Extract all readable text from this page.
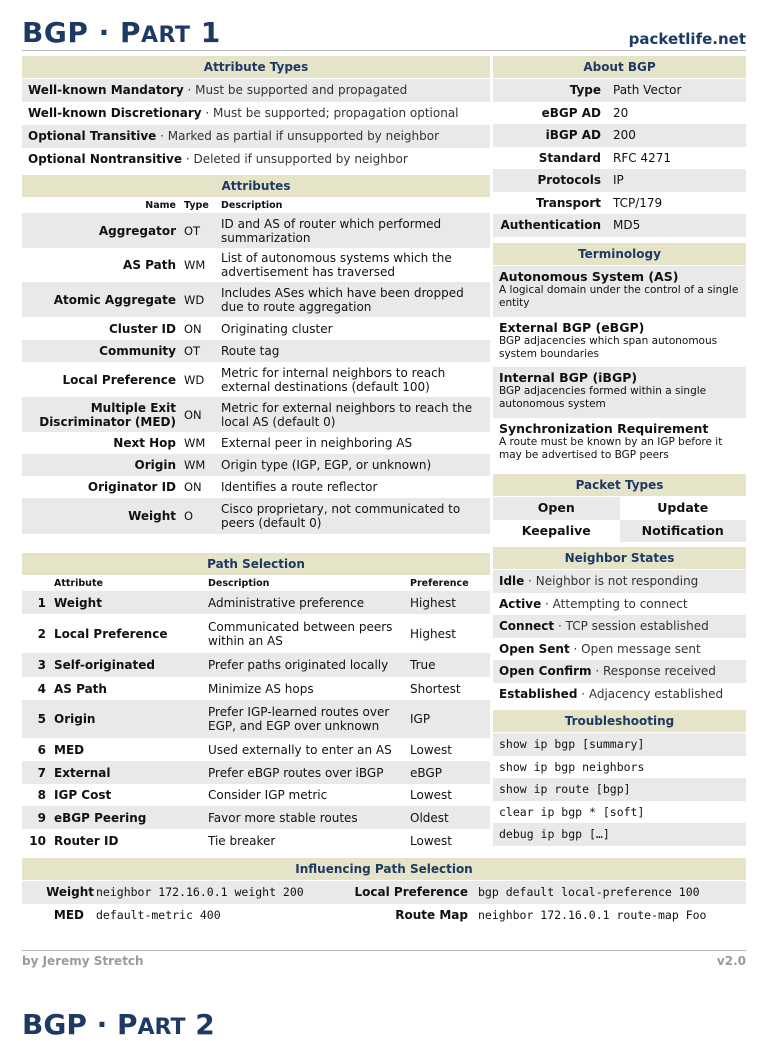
BGP · PART 1	packetlife.net
Attribute Types
Well-known Mandatory · Must be supported and propagated
Well-known Discretionary · Must be supported; propagation optional
Optional Transitive · Marked as partial if unsupported by neighbor
Optional Nontransitive · Deleted if unsupported by neighbor
Attributes
Name	Type	Description
Aggregator	OT	ID and AS of router which performed summarization
AS Path	WM	List of autonomous systems which the advertisement has traversed
Atomic Aggregate	WD	Includes ASes which have been dropped due to route aggregation
Cluster ID	ON	Originating cluster
Community	OT	Route tag
Local Preference	WD	Metric for internal neighbors to reach external destinations (default 100)
Multiple Exit Discriminator (MED)	ON	Metric for external neighbors to reach the local AS (default 0)
Next Hop	WM	External peer in neighboring AS
Origin	WM	Origin type (IGP, EGP, or unknown)
Originator ID	ON	Identifies a route reflector
Weight	O	Cisco proprietary, not communicated to peers (default 0)
Path Selection
	Attribute	Description	Preference
1	Weight	Administrative preference	Highest
2	Local Preference	Communicated between peers within an AS	Highest
3	Self-originated	Prefer paths originated locally	True
4	AS Path	Minimize AS hops	Shortest
5	Origin	Prefer IGP-learned routes over EGP, and EGP over unknown	IGP
6	MED	Used externally to enter an AS	Lowest
7	External	Prefer eBGP routes over iBGP	eBGP
8	IGP Cost	Consider IGP metric	Lowest
9	eBGP Peering	Favor more stable routes	Oldest
10	Router ID	Tie breaker	Lowest
About BGP
Type	Path Vector
eBGP AD	20
iBGP AD	200
Standard	RFC 4271
Protocols	IP
Transport	TCP/179
Authentication	MD5
Terminology
Autonomous System (AS)
A logical domain under the control of a single entity
External BGP (eBGP)
BGP adjacencies which span autonomous system boundaries
Internal BGP (iBGP)
BGP adjacencies formed within a single autonomous system
Synchronization Requirement
A route must be known by an IGP before it may be advertised to BGP peers
Packet Types
Open	Update
Keepalive	Notification
Neighbor States
Idle · Neighbor is not responding
Active · Attempting to connect
Connect · TCP session established
Open Sent · Open message sent
Open Confirm · Response received
Established · Adjacency established
Troubleshooting
show ip bgp [summary]
show ip bgp neighbors
show ip route [bgp]
clear ip bgp * [soft]
debug ip bgp […]
Influencing Path Selection
Weight neighbor 172.16.0.1 weight 200	Local Preference bgp default local-preference 100
MED default-metric 400	Route Map neighbor 172.16.0.1 route-map Foo
by Jeremy Stretch	v2.0
BGP · PART 2
